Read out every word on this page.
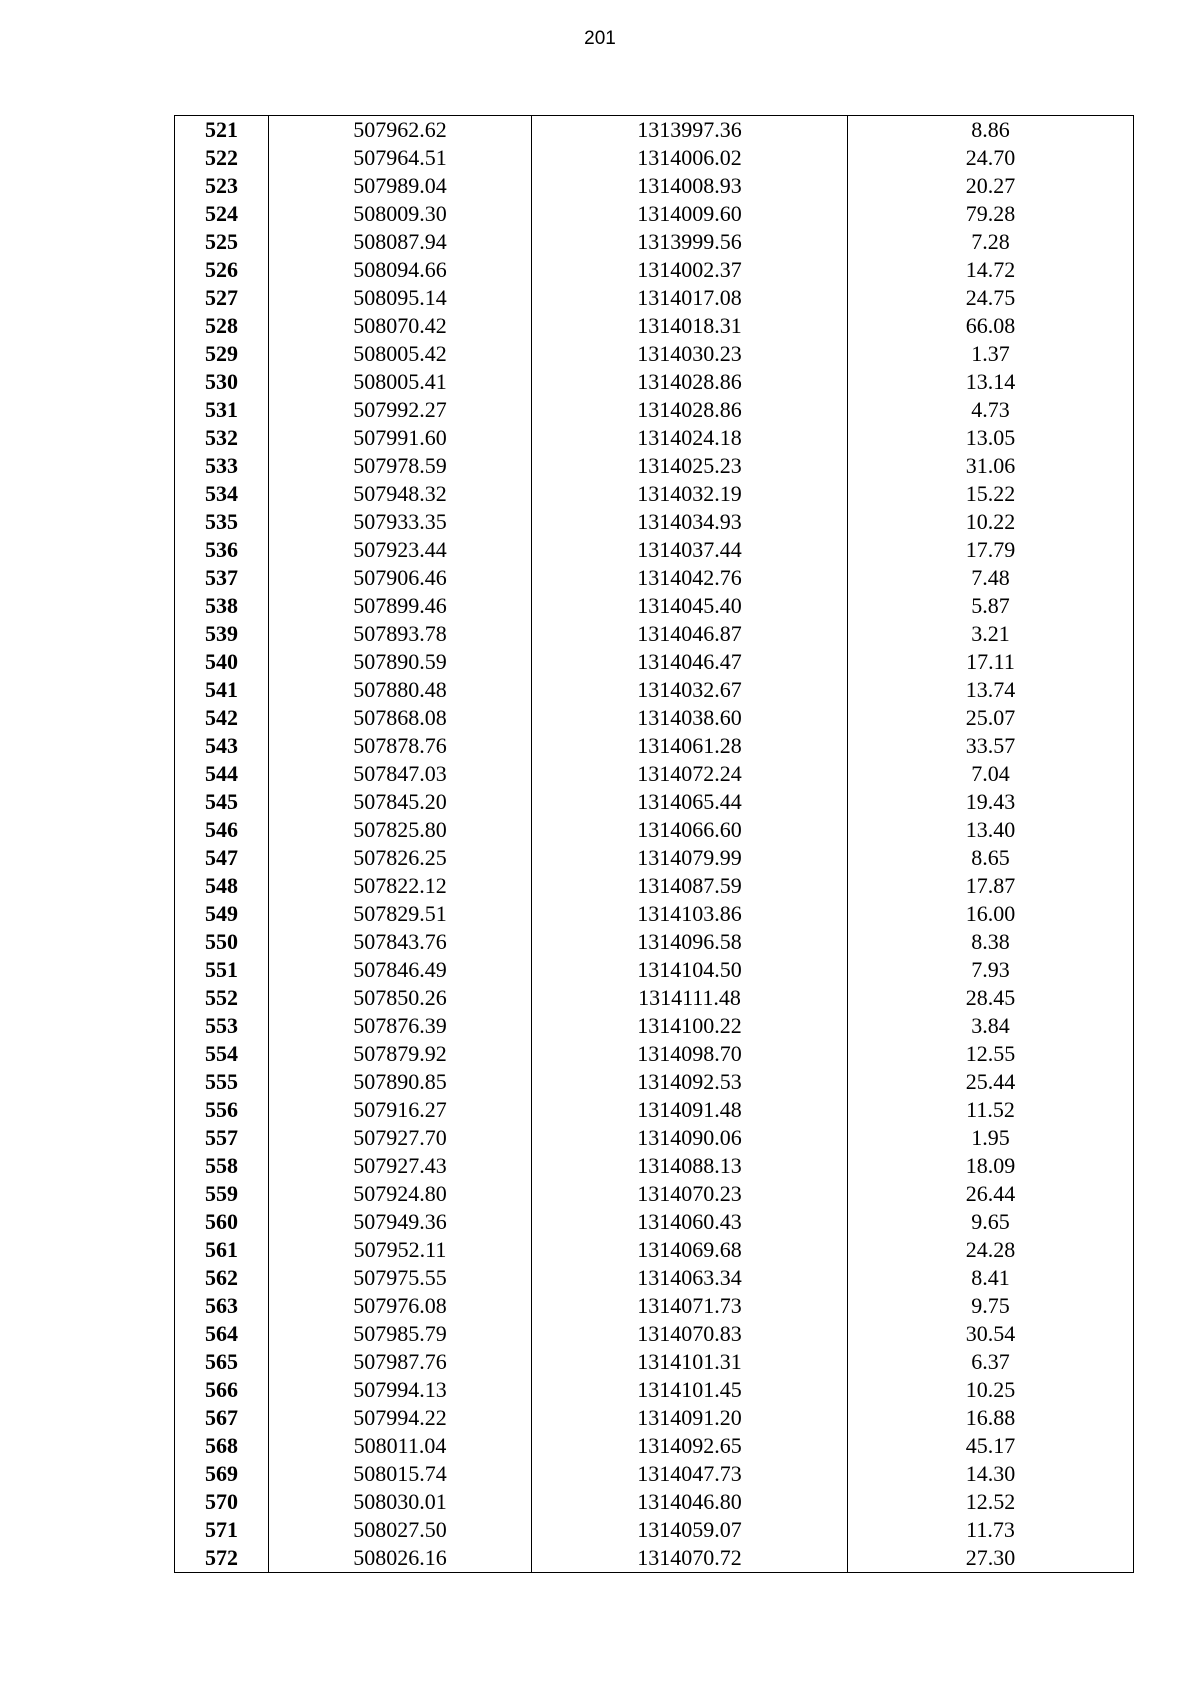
201
521	507962.62	1313997.36	8.86
522	507964.51	1314006.02	24.70
523	507989.04	1314008.93	20.27
524	508009.30	1314009.60	79.28
525	508087.94	1313999.56	7.28
526	508094.66	1314002.37	14.72
527	508095.14	1314017.08	24.75
528	508070.42	1314018.31	66.08
529	508005.42	1314030.23	1.37
530	508005.41	1314028.86	13.14
531	507992.27	1314028.86	4.73
532	507991.60	1314024.18	13.05
533	507978.59	1314025.23	31.06
534	507948.32	1314032.19	15.22
535	507933.35	1314034.93	10.22
536	507923.44	1314037.44	17.79
537	507906.46	1314042.76	7.48
538	507899.46	1314045.40	5.87
539	507893.78	1314046.87	3.21
540	507890.59	1314046.47	17.11
541	507880.48	1314032.67	13.74
542	507868.08	1314038.60	25.07
543	507878.76	1314061.28	33.57
544	507847.03	1314072.24	7.04
545	507845.20	1314065.44	19.43
546	507825.80	1314066.60	13.40
547	507826.25	1314079.99	8.65
548	507822.12	1314087.59	17.87
549	507829.51	1314103.86	16.00
550	507843.76	1314096.58	8.38
551	507846.49	1314104.50	7.93
552	507850.26	1314111.48	28.45
553	507876.39	1314100.22	3.84
554	507879.92	1314098.70	12.55
555	507890.85	1314092.53	25.44
556	507916.27	1314091.48	11.52
557	507927.70	1314090.06	1.95
558	507927.43	1314088.13	18.09
559	507924.80	1314070.23	26.44
560	507949.36	1314060.43	9.65
561	507952.11	1314069.68	24.28
562	507975.55	1314063.34	8.41
563	507976.08	1314071.73	9.75
564	507985.79	1314070.83	30.54
565	507987.76	1314101.31	6.37
566	507994.13	1314101.45	10.25
567	507994.22	1314091.20	16.88
568	508011.04	1314092.65	45.17
569	508015.74	1314047.73	14.30
570	508030.01	1314046.80	12.52
571	508027.50	1314059.07	11.73
572	508026.16	1314070.72	27.30
